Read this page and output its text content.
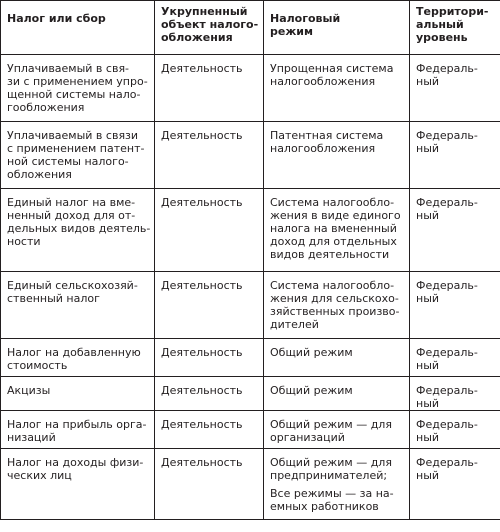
Налог или сбор	Укрупненный
объект налого-
обложения	Налоговый
режим	Территори-
альный
уровень

Уплачиваемый в свя-
зи с применением упро-
щенной системы нало-
гообложения	Деятельность	Упрощенная система
налогообложения	Федераль-
ный

Уплачиваемый в связи
с применением патент-
ной системы налого-
обложения	Деятельность	Патентная система
налогообложения	Федераль-
ный

Единый налог на вме-
ненный доход для от-
дельных видов деятель-
ности	Деятельность	Система налогообло-
жения в виде единого
налога на вмененный
доход для отдельных
видов деятельности	Федераль-
ный

Единый сельскохозяй-
ственный налог	Деятельность	Система налогообло-
жения для сельскохо-
зяйственных произво-
дителей	Федераль-
ный

Налог на добавленную
стоимость	Деятельность	Общий режим	Федераль-
ный

Акцизы	Деятельность	Общий режим	Федераль-
ный

Налог на прибыль орга-
низаций	Деятельность	Общий режим — для
организаций	Федераль-
ный

Налог на доходы физи-
ческих лиц	Деятельность	Общий режим — для
предпринимателей;
Все режимы — за на-
емных работников	Федераль-
ный
